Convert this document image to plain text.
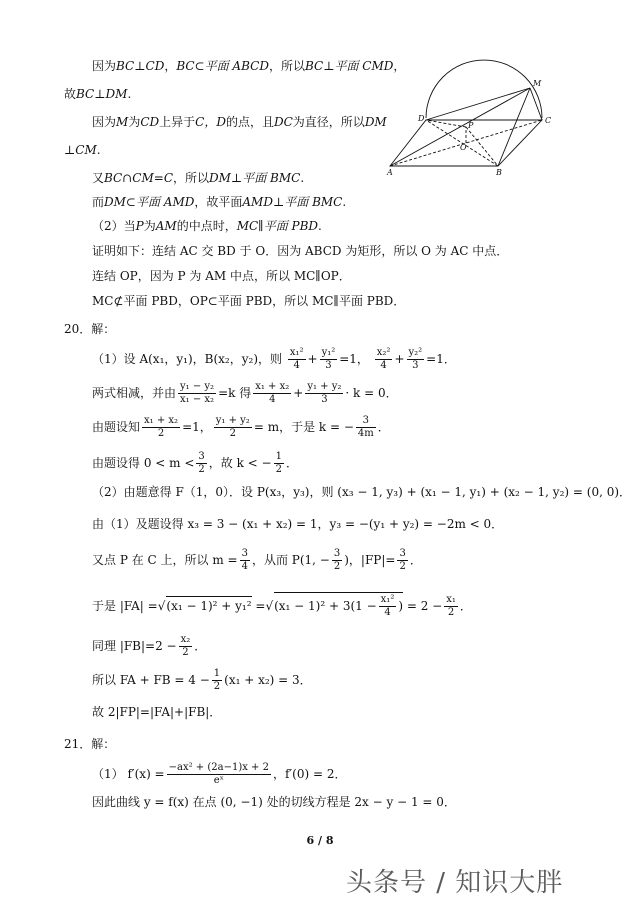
M
D	C
P
O
A	B
因为BC⊥CD，BC⊂平面 ABCD，所以BC⊥平面 CMD，
故BC⊥DM.
因为M为CD上异于C，D的点，且DC为直径，所以DM
⊥CM.
又BC∩CM=C，所以DM⊥平面 BMC.
而DM⊂平面 AMD，故平面AMD⊥平面 BMC.
（2）当P为AM的中点时，MC∥平面 PBD.
证明如下：连结 AC 交 BD 于 O．因为 ABCD 为矩形，所以 O 为 AC 中点．
连结 OP，因为 P 为 AM 中点，所以 MC∥OP．
MC⊄平面 PBD，OP⊂平面 PBD，所以 MC∥平面 PBD．
20．解：
（1）设 A(x₁，y₁)，B(x₂，y₂)，则 $\frac{\text{x₁²}}{4} + \frac{\text{y₁²}}{3} =1$， $\frac{\text{x₂²}}{4} + \frac{\text{y₂²}}{3} =1$．
两式相减，并由 $\frac{\text{y₁ − y₂}}{\text{x₁ − x₂}} =k$ 得 $\frac{\text{x₁ + x₂}}{4} + \frac{\text{y₁ + y₂}}{3} \cdot k = 0$．
由题设知 $\frac{\text{x₁ + x₂}}{2} =1$， $\frac{\text{y₁ + y₂}}{2} = m$，于是 k = − $\frac{3}{4m}$ ．
由题设得 $0 < m < \frac{3}{2}$ ，故 k < − $\frac{1}{2}$ ．
（2）由题意得 F（1，0）．设 P(x₃，y₃)，则 (x₃ − 1, y₃) + (x₁ − 1, y₁) + (x₂ − 1, y₂) = (0, 0)．
由（1）及题设得 x₃ = 3 − (x₁ + x₂) = 1，y₃ = −(y₁ + y₂) = −2m < 0．
又点 P 在 C 上，所以 $m = \frac{3}{4}$ ，从而 P(1, − $\frac{3}{2}$ )，$|FP|= \frac{3}{2}$ ．
于是 $|FA| =√(x_1 - 1)^2 + y_1^2 =√(x_1 - 1)^2 + 3(1 - \frac{\text{x₁²}}{4}$ ) = $2 - \frac{\text{x₁}}{2}$ ．
同理 $|FB|=2 - \frac{\text{x₂}}{2}$ ．
所以 FA + FB = $4 - \frac{1}{2} (x_1 + x_2) = 3$．
故 2|FP|=|FA|+|FB|．
21．解：
（1） $f'(x) = \frac{\text{−ax² + (2a−1)x + 2}}{\text{eˣ}}$ ，f′(0) = 2．
因此曲线 y = f(x) 在点 (0, −1) 处的切线方程是 2x − y − 1 = 0．
6 / 8
头条号 / 知识大胖
